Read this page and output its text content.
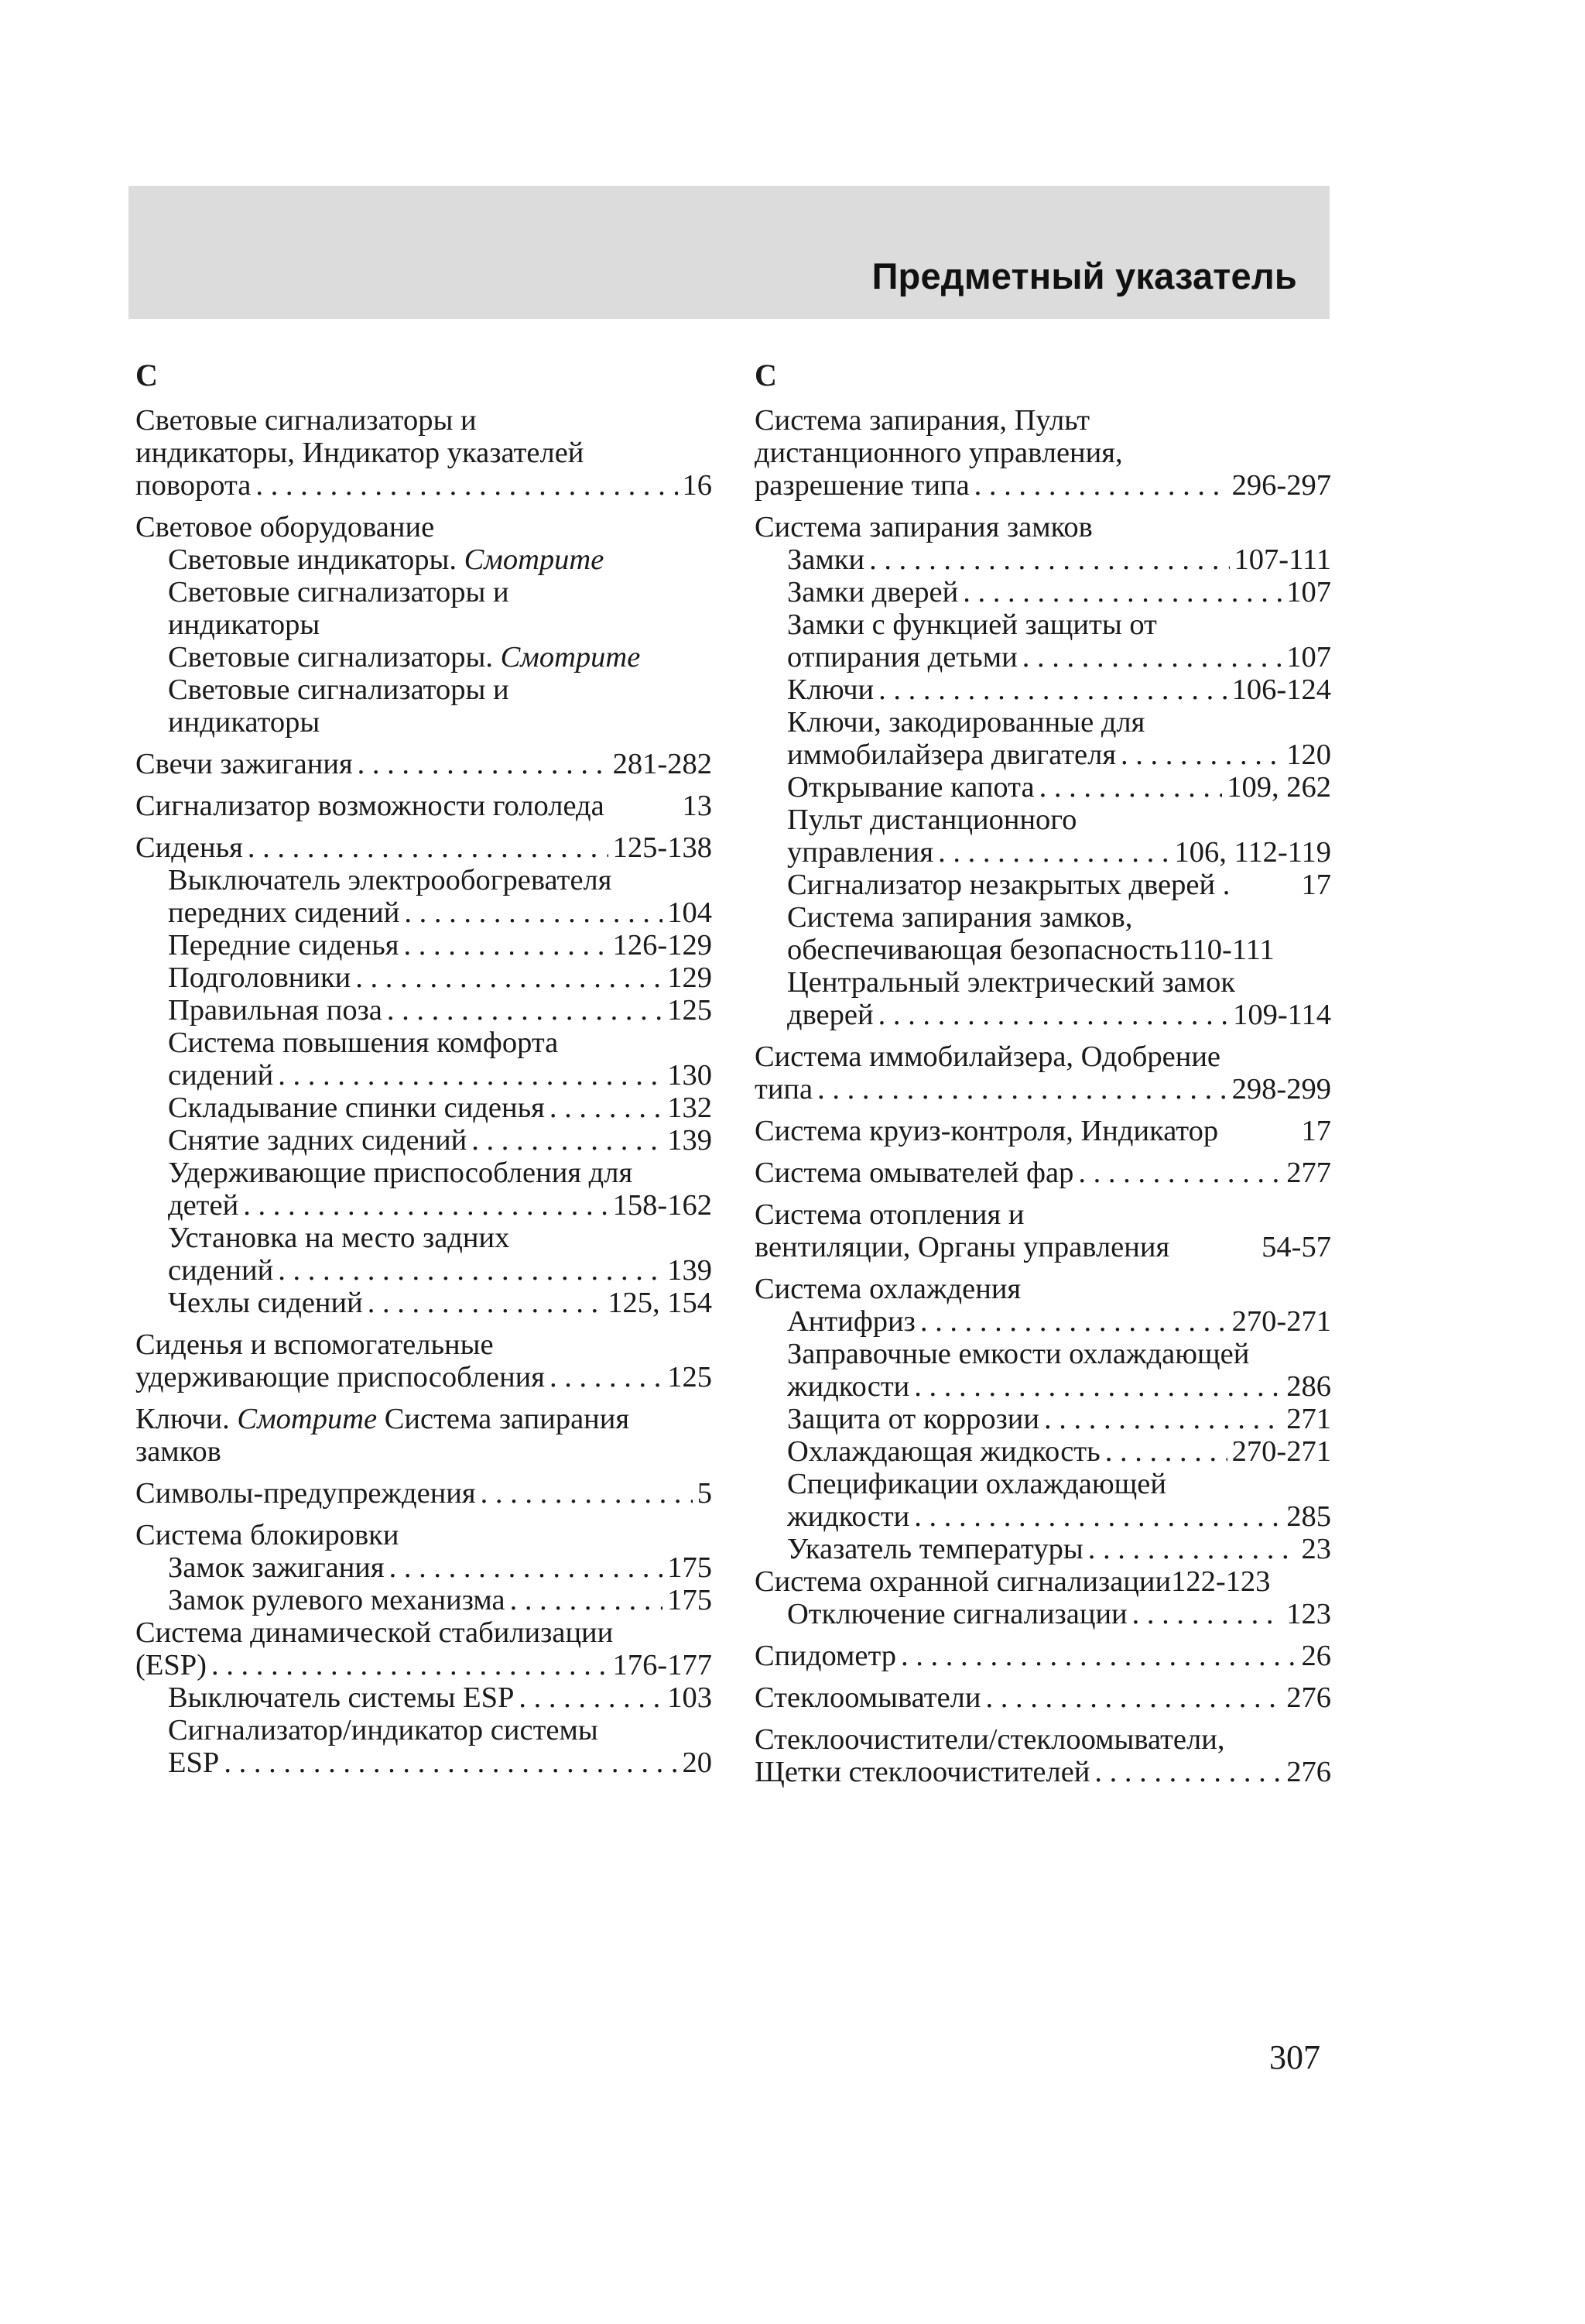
Предметный указатель
С
Световые сигнализаторы и
индикаторы, Индикатор указателей
поворота . . .	16
Световое оборудование
Световые индикаторы. Смотрите
Световые сигнализаторы и
индикаторы
Световые сигнализаторы. Смотрите
Световые сигнализаторы и
индикаторы
Свечи зажигания . . .	281-282
Сигнализатор возможности гололеда	13
Сиденья . . .	125-138
Выключатель электрообогревателя
передних сидений . . .	104
Передние сиденья . . .	126-129
Подголовники . . .	129
Правильная поза . . .	125
Система повышения комфорта
сидений . . .	130
Складывание спинки сиденья . . .	132
Снятие задних сидений . . .	139
Удерживающие приспособления для
детей . . .	158-162
Установка на место задних
сидений . . .	139
Чехлы сидений . . .	125, 154
Сиденья и вспомогательные
удерживающие приспособления . . .	125
Ключи. Смотрите Система запирания
замков
Символы-предупреждения . . .	5
Система блокировки
Замок зажигания . . .	175
Замок рулевого механизма . . .	175
Система динамической стабилизации
(ESP) . . .	176-177
Выключатель системы ESP . . .	103
Сигнализатор/индикатор системы
ESP . . .	20
С
Система запирания, Пульт
дистанционного управления,
разрешение типа . . .	296-297
Система запирания замков
Замки . . .	107-111
Замки дверей . . .	107
Замки с функцией защиты от
отпирания детьми . . .	107
Ключи . . .	106-124
Ключи, закодированные для
иммобилайзера двигателя . . .	120
Открывание капота . . .	109, 262
Пульт дистанционного
управления . . .	106, 112-119
Сигнализатор незакрытых дверей . 17
Система запирания замков,
обеспечивающая безопасность110-111
Центральный электрический замок
дверей . . .	109-114
Система иммобилайзера, Одобрение
типа . . .	298-299
Система круиз-контроля, Индикатор	17
Система омывателей фар . . .	277
Система отопления и
вентиляции, Органы управления	54-57
Система охлаждения
Антифриз . . .	270-271
Заправочные емкости охлаждающей
жидкости . . .	286
Защита от коррозии . . .	271
Охлаждающая жидкость . . .	270-271
Спецификации охлаждающей
жидкости . . .	285
Указатель температуры . . .	23
Система охранной сигнализации122-123
Отключение сигнализации . . .	123
Спидометр . . .	26
Стеклоомыватели . . .	276
Стеклоочистители/стеклоомыватели,
Щетки стеклоочистителей . . .	276
307
